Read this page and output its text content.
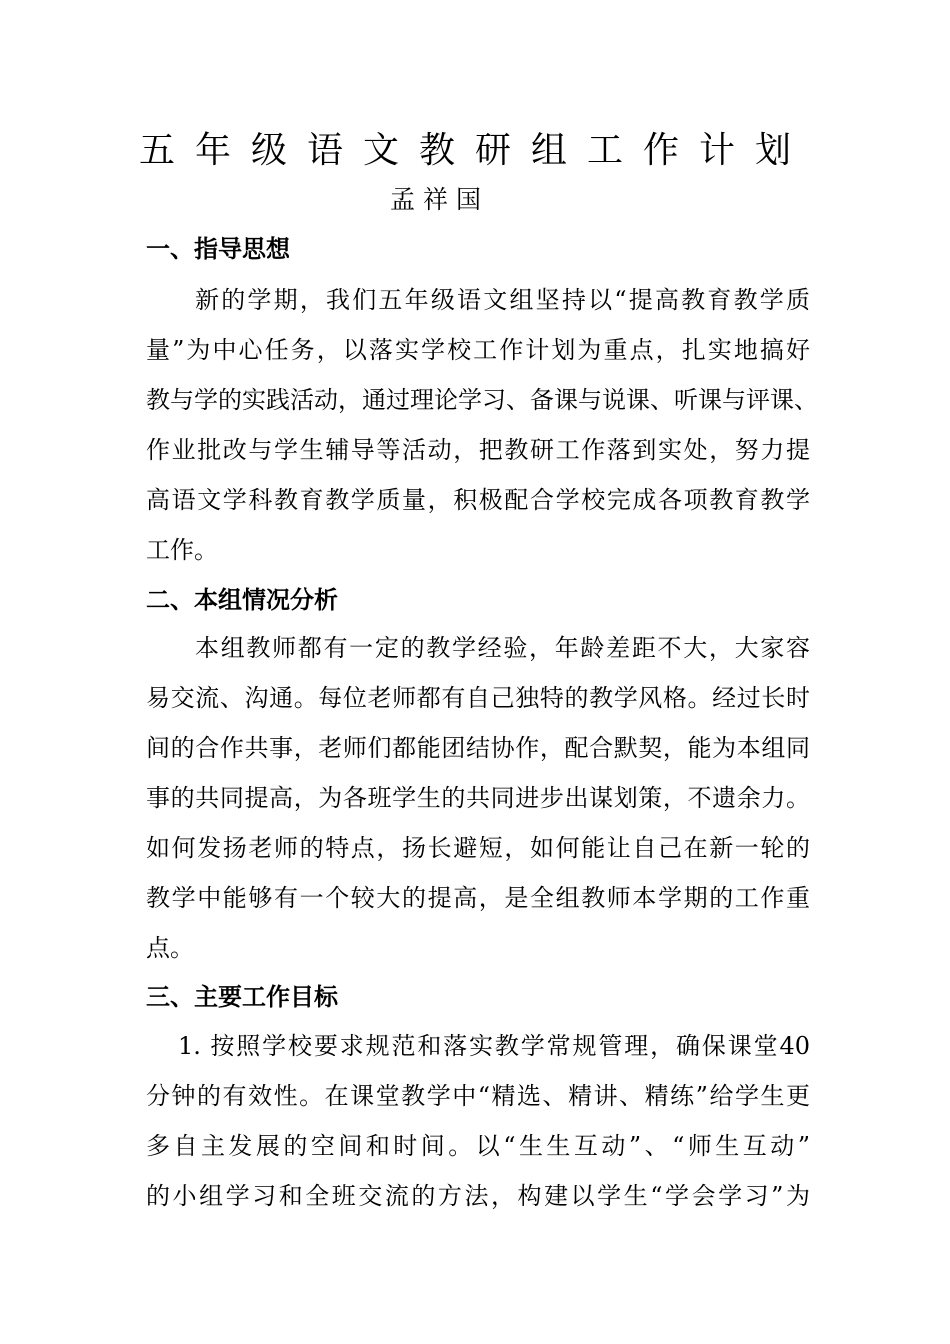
五年级语文教研组工作计划
孟祥国
一、指导思想
新的学期，我们五年级语文组坚持以“提高教育教学质
量”为中心任务，以落实学校工作计划为重点，扎实地搞好
教与学的实践活动，通过理论学习、备课与说课、听课与评课、
作业批改与学生辅导等活动，把教研工作落到实处，努力提
高语文学科教育教学质量，积极配合学校完成各项教育教学
工作。
二、本组情况分析
本组教师都有一定的教学经验，年龄差距不大，大家容
易交流、沟通。每位老师都有自己独特的教学风格。经过长时
间的合作共事，老师们都能团结协作，配合默契，能为本组同
事的共同提高，为各班学生的共同进步出谋划策，不遗余力。
如何发扬老师的特点，扬长避短，如何能让自己在新一轮的
教学中能够有一个较大的提高，是全组教师本学期的工作重
点。
三、主要工作目标
1. 按照学校要求规范和落实教学常规管理，确保课堂40
分钟的有效性。在课堂教学中“精选、精讲、精练”给学生更
多自主发展的空间和时间。以“生生互动”、“师生互动”
的小组学习和全班交流的方法，构建以学生“学会学习”为
